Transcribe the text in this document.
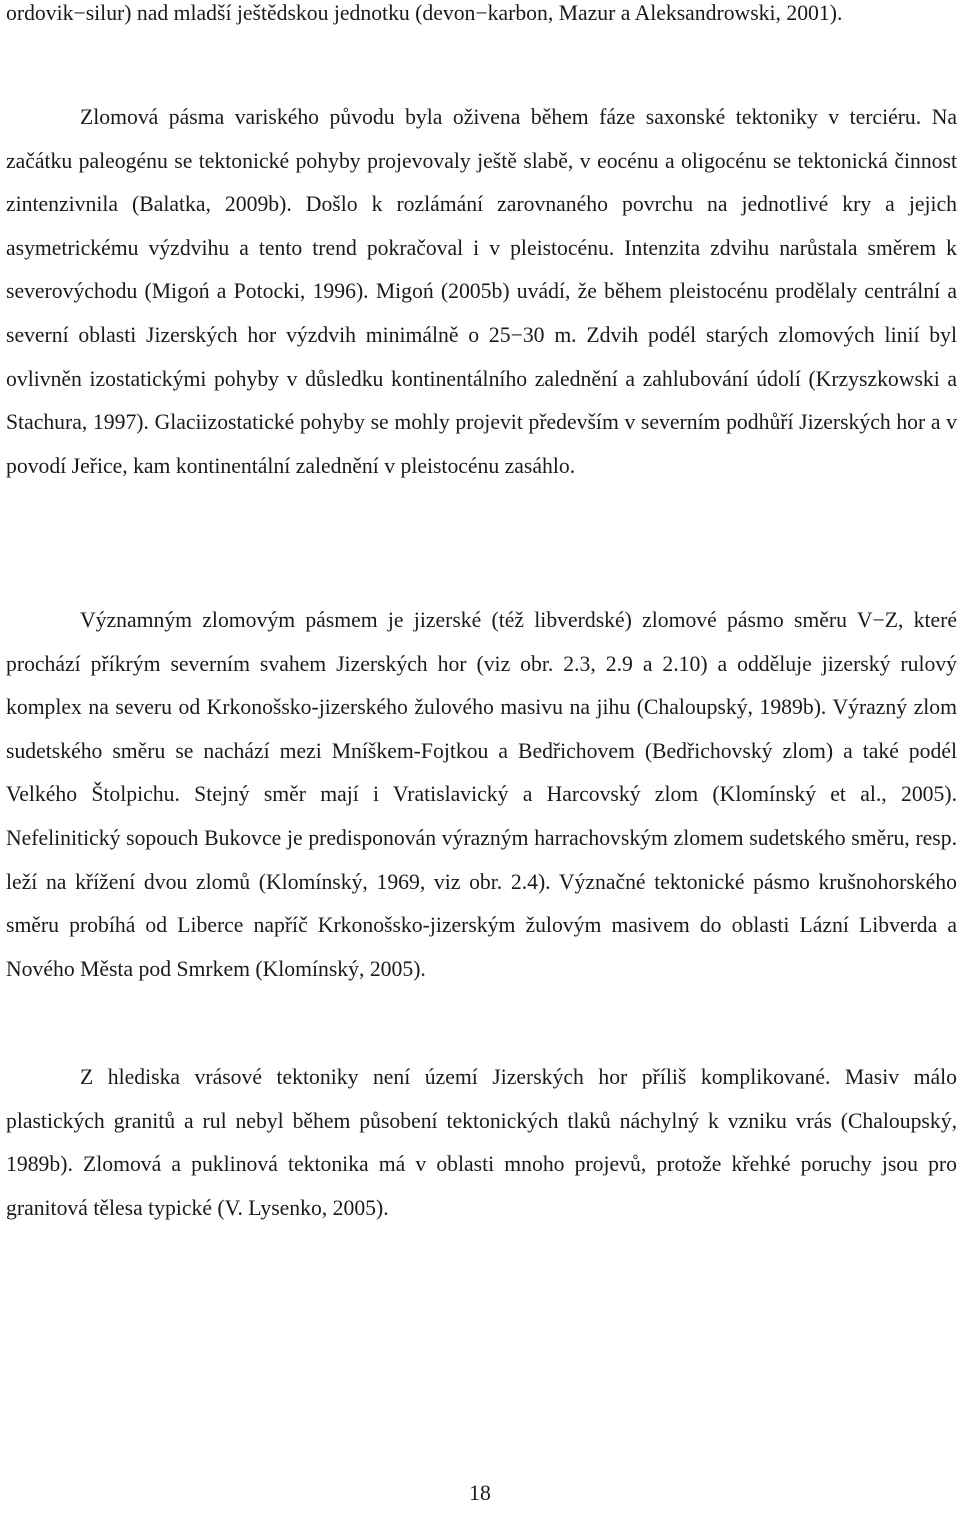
ordovik−silur) nad mladší ještědskou jednotku (devon−karbon, Mazur a Aleksandrowski, 2001).

Zlomová pásma variského původu byla oživena během fáze saxonské tektoniky v terciéru. Na začátku paleogénu se tektonické pohyby projevovaly ještě slabě, v eocénu a oligocénu se tektonická činnost zintenzivnila (Balatka, 2009b). Došlo k rozlámání zarovnaného povrchu na jednotlivé kry a jejich asymetrickému výzdvihu a tento trend pokračoval i v pleistocénu. Intenzita zdvihu narůstala směrem k severovýchodu (Migoń a Potocki, 1996). Migoń (2005b) uvádí, že během pleistocénu prodělaly centrální a severní oblasti Jizerských hor výzdvih minimálně o 25−30 m. Zdvih podél starých zlomových linií byl ovlivněn izostatickými pohyby v důsledku kontinentálního zalednění a zahlubování údolí (Krzyszkowski a Stachura, 1997). Glaciizostatické pohyby se mohly projevit především v severním podhůří Jizerských hor a v povodí Jeřice, kam kontinentální zalednění v pleistocénu zasáhlo.

Významným zlomovým pásmem je jizerské (též libverdské) zlomové pásmo směru V−Z, které prochází příkrým severním svahem Jizerských hor (viz obr. 2.3, 2.9 a 2.10) a odděluje jizerský rulový komplex na severu od Krkonošsko-jizerského žulového masivu na jihu (Chaloupský, 1989b). Výrazný zlom sudetského směru se nachází mezi Mníškem-Fojtkou a Bedřichovem (Bedřichovský zlom) a také podél Velkého Štolpichu. Stejný směr mají i Vratislavický a Harcovský zlom (Klomínský et al., 2005). Nefelinitický sopouch Bukovce je predisponován výrazným harrachovským zlomem sudetského směru, resp. leží na křížení dvou zlomů (Klomínský, 1969, viz obr. 2.4). Význačné tektonické pásmo krušnohorského směru probíhá od Liberce napříč Krkonošsko-jizerským žulovým masivem do oblasti Lázní Libverda a Nového Města pod Smrkem (Klomínský, 2005).

Z hlediska vrásové tektoniky není území Jizerských hor příliš komplikované. Masiv málo plastických granitů a rul nebyl během působení tektonických tlaků náchylný k vzniku vrás (Chaloupský, 1989b). Zlomová a puklinová tektonika má v oblasti mnoho projevů, protože křehké poruchy jsou pro granitová tělesa typické (V. Lysenko, 2005).

18
